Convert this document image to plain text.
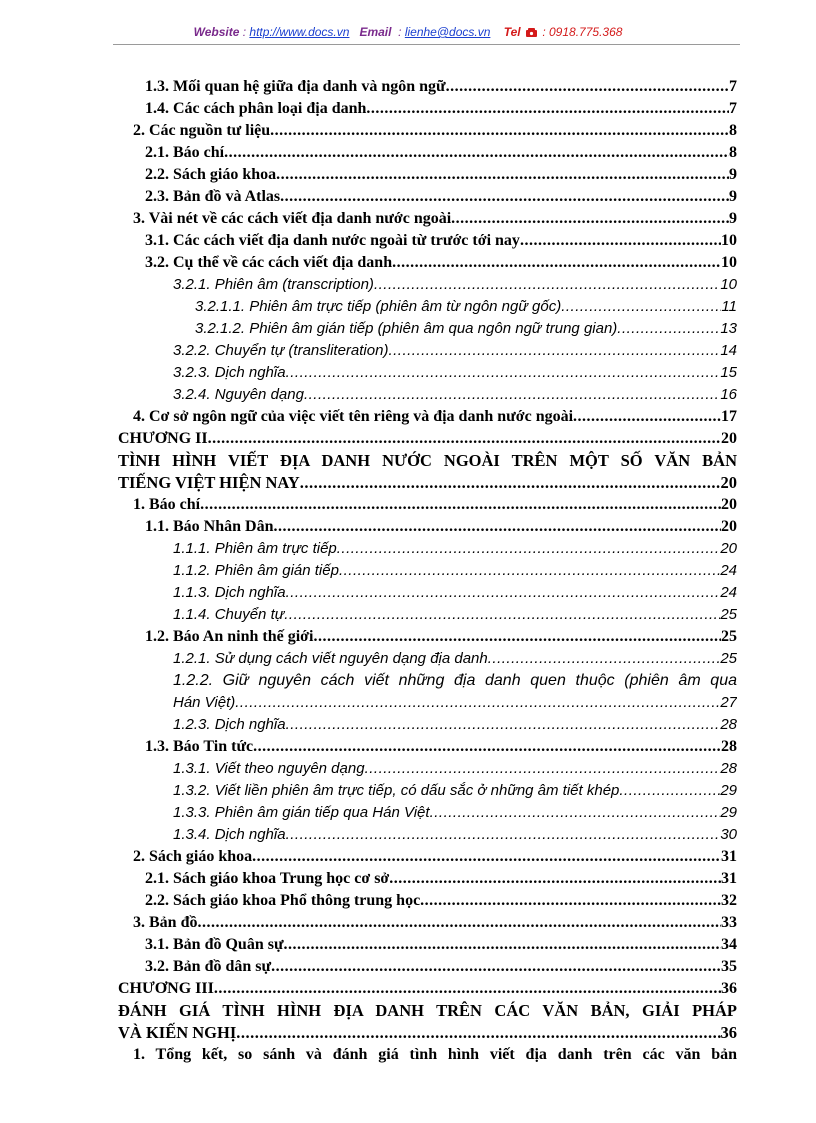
Website : http://www.docs.vn Email  : lienhe@docs.vn Tel : 0918.775.368
1.3. Mối quan hệ giữa địa danh và ngôn ngữ .....	7
1.4. Các cách phân loại địa danh .....	7
2. Các nguồn tư liệu .....	8
2.1. Báo chí .....	8
2.2. Sách giáo khoa .....	9
2.3. Bản đồ và Atlas .....	9
3. Vài nét về các cách viết địa danh nước ngoài .....	9
3.1. Các cách viết địa danh nước ngoài từ trước tới nay .....	10
3.2. Cụ thể về các cách viết địa danh .....	10
3.2.1. Phiên âm (transcription) .....	10
3.2.1.1. Phiên âm trực tiếp (phiên âm từ ngôn ngữ gốc) .....	11
3.2.1.2. Phiên âm gián tiếp (phiên âm qua ngôn ngữ trung gian) .....	13
3.2.2. Chuyển tự (transliteration) .....	14
3.2.3. Dịch nghĩa .....	15
3.2.4. Nguyên dạng .....	16
4. Cơ sở ngôn ngữ của việc viết tên riêng và địa danh nước ngoài .....	17
CHƯƠNG II .....	20
TÌNH HÌNH VIẾT ĐỊA DANH NƯỚC NGOÀI TRÊN MỘT SỐ VĂN BẢN
TIẾNG VIỆT HIỆN NAY .....	20
1. Báo chí .....	20
1.1. Báo Nhân Dân .....	20
1.1.1. Phiên âm trực tiếp .....	20
1.1.2. Phiên âm gián tiếp .....	24
1.1.3. Dịch nghĩa .....	24
1.1.4. Chuyển tự .....	25
1.2. Báo An ninh thế giới .....	25
1.2.1. Sử dụng cách viết nguyên dạng địa danh .....	25
1.2.2. Giữ nguyên cách viết những địa danh quen thuộc (phiên âm qua
Hán Việt) .....	27
1.2.3. Dịch nghĩa .....	28
1.3. Báo Tin tức .....	28
1.3.1. Viết theo nguyên dạng .....	28
1.3.2. Viết liền phiên âm trực tiếp, có dấu sắc ở những âm tiết khép .....	29
1.3.3. Phiên âm gián tiếp qua Hán Việt .....	29
1.3.4. Dịch nghĩa .....	30
2. Sách giáo khoa .....	31
2.1. Sách giáo khoa Trung học cơ sở .....	31
2.2. Sách giáo khoa Phổ thông trung học .....	32
3. Bản đồ .....	33
3.1. Bản đồ Quân sự .....	34
3.2. Bản đồ dân sự .....	35
CHƯƠNG III .....	36
ĐÁNH GIÁ TÌNH HÌNH ĐỊA DANH TRÊN CÁC VĂN BẢN, GIẢI PHÁP
VÀ KIẾN NGHỊ .....	36
1. Tổng kết, so sánh và đánh giá tình hình viết địa danh trên các văn bản
